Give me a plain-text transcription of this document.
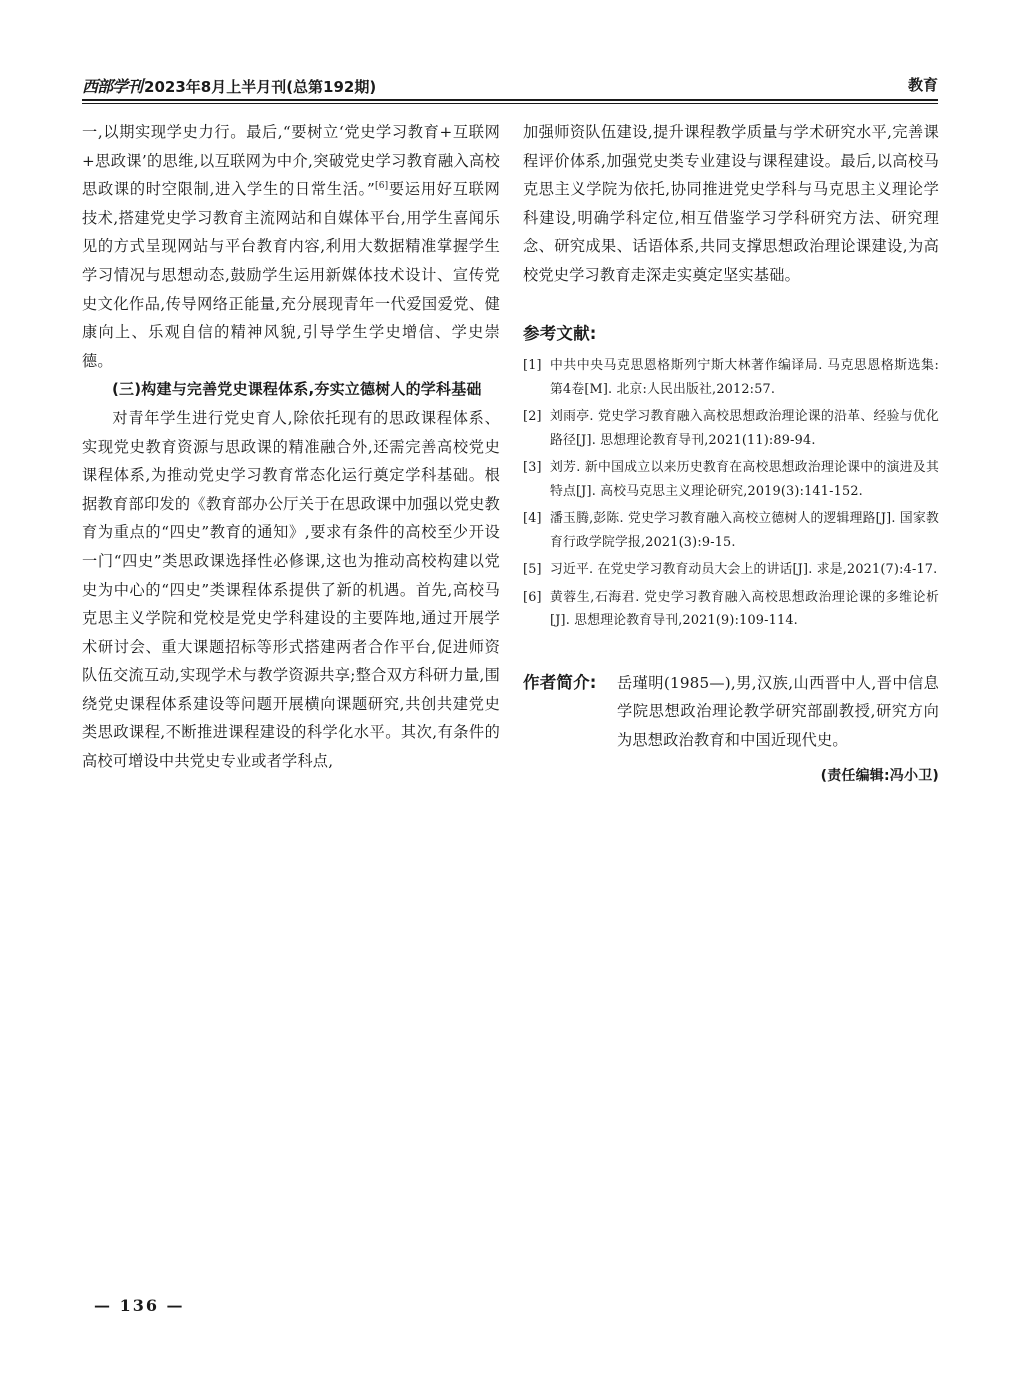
西部学刊 2023年8月上半月刊(总第192期)	教育

一,以期实现学史力行。最后,“要树立‘党史学习教育+互联网+思政课’的思维,以互联网为中介,突破党史学习教育融入高校思政课的时空限制,进入学生的日常生活。”[6]要运用好互联网技术,搭建党史学习教育主流网站和自媒体平台,用学生喜闻乐见的方式呈现网站与平台教育内容,利用大数据精准掌握学生学习情况与思想动态,鼓励学生运用新媒体技术设计、宣传党史文化作品,传导网络正能量,充分展现青年一代爱国爱党、健康向上、乐观自信的精神风貌,引导学生学史增信、学史崇德。

(三)构建与完善党史课程体系,夯实立德树人的学科基础

对青年学生进行党史育人,除依托现有的思政课程体系、实现党史教育资源与思政课的精准融合外,还需完善高校党史课程体系,为推动党史学习教育常态化运行奠定学科基础。根据教育部印发的《教育部办公厅关于在思政课中加强以党史教育为重点的“四史”教育的通知》,要求有条件的高校至少开设一门“四史”类思政课选择性必修课,这也为推动高校构建以党史为中心的“四史”类课程体系提供了新的机遇。首先,高校马克思主义学院和党校是党史学科建设的主要阵地,通过开展学术研讨会、重大课题招标等形式搭建两者合作平台,促进师资队伍交流互动,实现学术与教学资源共享;整合双方科研力量,围绕党史课程体系建设等问题开展横向课题研究,共创共建党史类思政课程,不断推进课程建设的科学化水平。其次,有条件的高校可增设中共党史专业或者学科点,

加强师资队伍建设,提升课程教学质量与学术研究水平,完善课程评价体系,加强党史类专业建设与课程建设。最后,以高校马克思主义学院为依托,协同推进党史学科与马克思主义理论学科建设,明确学科定位,相互借鉴学习学科研究方法、研究理念、研究成果、话语体系,共同支撑思想政治理论课建设,为高校党史学习教育走深走实奠定坚实基础。

参考文献:
[1] 中共中央马克思恩格斯列宁斯大林著作编译局. 马克思恩格斯选集:第4卷[M]. 北京:人民出版社,2012:57.
[2] 刘雨亭. 党史学习教育融入高校思想政治理论课的沿革、经验与优化路径[J]. 思想理论教育导刊,2021(11):89-94.
[3] 刘芳. 新中国成立以来历史教育在高校思想政治理论课中的演进及其特点[J]. 高校马克思主义理论研究,2019(3):141-152.
[4] 潘玉腾,彭陈. 党史学习教育融入高校立德树人的逻辑理路[J]. 国家教育行政学院学报,2021(3):9-15.
[5] 习近平. 在党史学习教育动员大会上的讲话[J]. 求是,2021(7):4-17.
[6] 黄蓉生,石海君. 党史学习教育融入高校思想政治理论课的多维论析[J]. 思想理论教育导刊,2021(9):109-114.
作者简介:	岳瑾明(1985—),男,汉族,山西晋中人,晋中信息学院思想政治理论教学研究部副教授,研究方向为思想政治教育和中国近现代史。
(责任编辑:冯小卫)
— 136 —
